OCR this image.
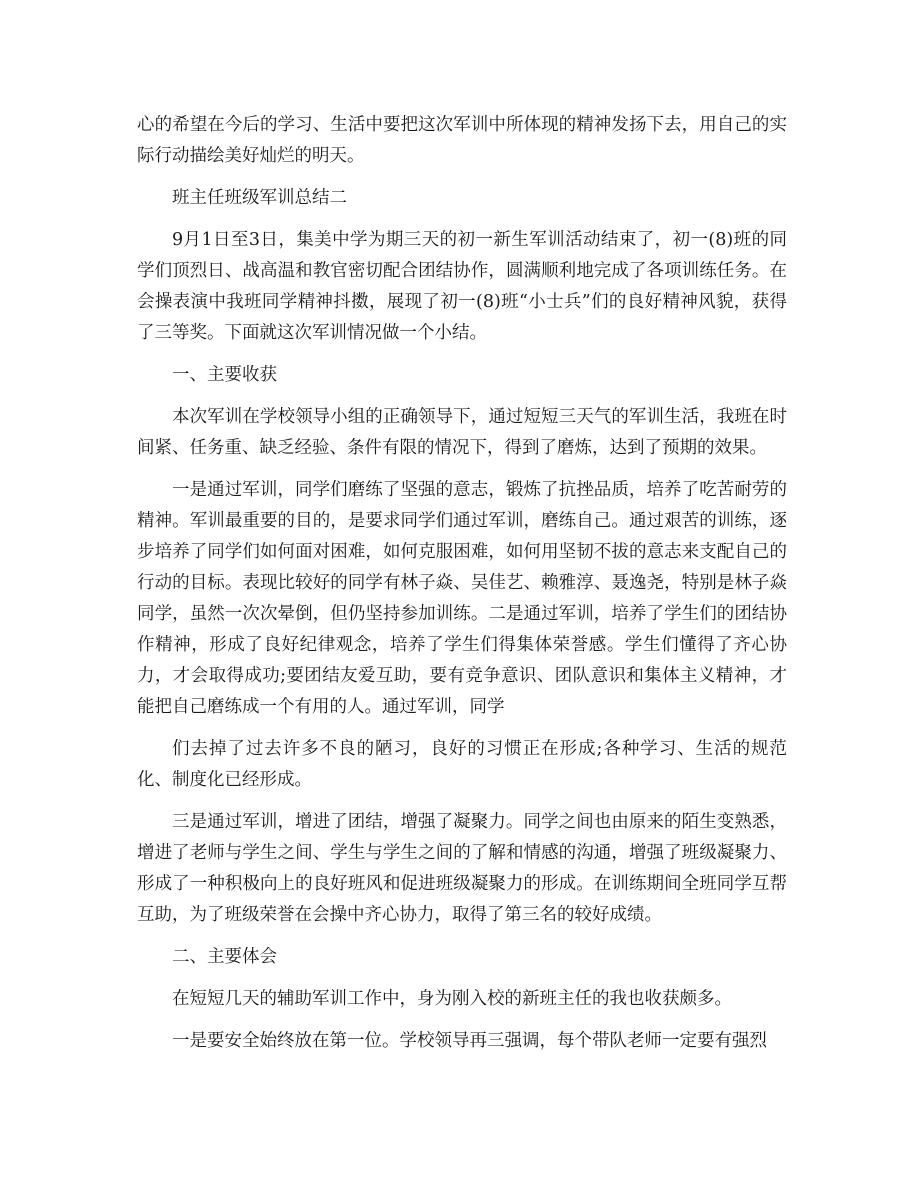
心的希望在今后的学习、生活中要把这次军训中所体现的精神发扬下去，用自己的实际行动描绘美好灿烂的明天。

班主任班级军训总结二

9月1日至3日，集美中学为期三天的初一新生军训活动结束了，初一(8)班的同学们顶烈日、战高温和教官密切配合团结协作，圆满顺利地完成了各项训练任务。在会操表演中我班同学精神抖擞，展现了初一(8)班“小士兵”们的良好精神风貌，获得了三等奖。下面就这次军训情况做一个小结。

一、主要收获

本次军训在学校领导小组的正确领导下，通过短短三天气的军训生活，我班在时间紧、任务重、缺乏经验、条件有限的情况下，得到了磨炼，达到了预期的效果。

一是通过军训，同学们磨练了坚强的意志，锻炼了抗挫品质，培养了吃苦耐劳的精神。军训最重要的目的，是要求同学们通过军训，磨练自己。通过艰苦的训练，逐步培养了同学们如何面对困难，如何克服困难，如何用坚韧不拔的意志来支配自己的行动的目标。表现比较好的同学有林子焱、吴佳艺、赖雅淳、聂逸尧，特别是林子焱同学，虽然一次次晕倒，但仍坚持参加训练。二是通过军训，培养了学生们的团结协作精神，形成了良好纪律观念，培养了学生们得集体荣誉感。学生们懂得了齐心协力，才会取得成功;要团结友爱互助，要有竞争意识、团队意识和集体主义精神，才能把自己磨练成一个有用的人。通过军训，同学

们去掉了过去许多不良的陋习，良好的习惯正在形成;各种学习、生活的规范化、制度化已经形成。

三是通过军训，增进了团结，增强了凝聚力。同学之间也由原来的陌生变熟悉，增进了老师与学生之间、学生与学生之间的了解和情感的沟通，增强了班级凝聚力、形成了一种积极向上的良好班风和促进班级凝聚力的形成。在训练期间全班同学互帮互助，为了班级荣誉在会操中齐心协力，取得了第三名的较好成绩。

二、主要体会

在短短几天的辅助军训工作中，身为刚入校的新班主任的我也收获颇多。

一是要安全始终放在第一位。学校领导再三强调，每个带队老师一定要有强烈
